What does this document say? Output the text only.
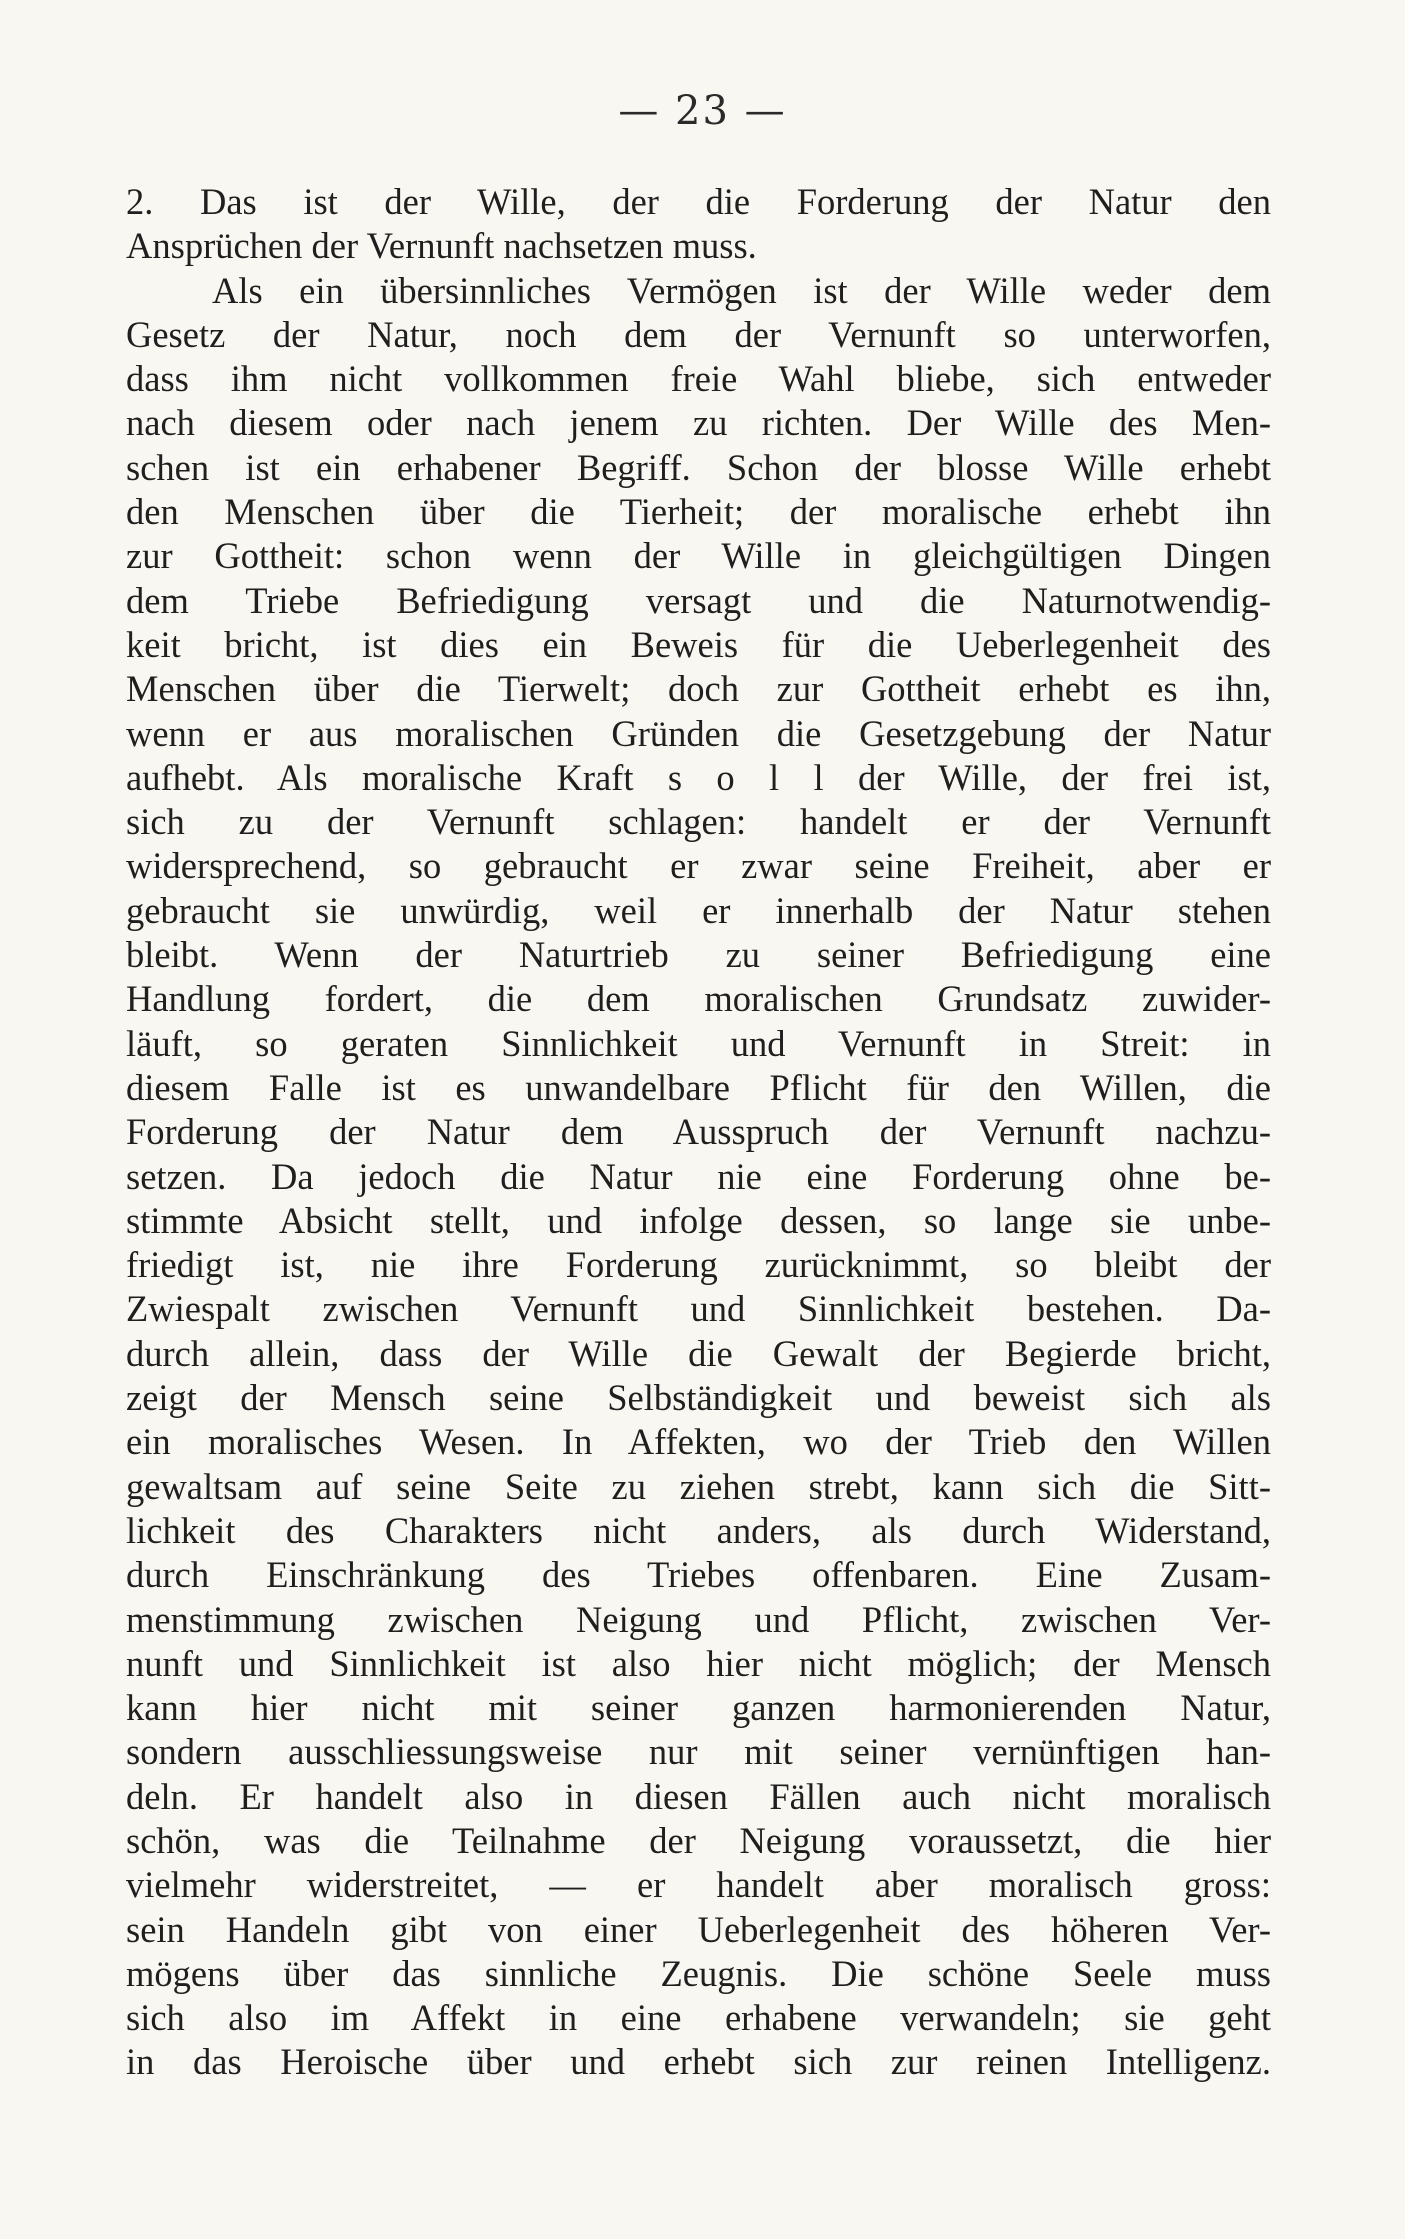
— 23 —
2. Das ist der Wille, der die Forderung der Natur den
Ansprüchen der Vernunft nachsetzen muss.
Als ein übersinnliches Vermögen ist der Wille weder dem
Gesetz der Natur, noch dem der Vernunft so unterworfen,
dass ihm nicht vollkommen freie Wahl bliebe, sich entweder
nach diesem oder nach jenem zu richten. Der Wille des Men-
schen ist ein erhabener Begriff. Schon der blosse Wille erhebt
den Menschen über die Tierheit; der moralische erhebt ihn
zur Gottheit: schon wenn der Wille in gleichgültigen Dingen
dem Triebe Befriedigung versagt und die Naturnotwendig-
keit bricht, ist dies ein Beweis für die Ueberlegenheit des
Menschen über die Tierwelt; doch zur Gottheit erhebt es ihn,
wenn er aus moralischen Gründen die Gesetzgebung der Natur
aufhebt. Als moralische Kraft s o l l der Wille, der frei ist,
sich zu der Vernunft schlagen: handelt er der Vernunft
widersprechend, so gebraucht er zwar seine Freiheit, aber er
gebraucht sie unwürdig, weil er innerhalb der Natur stehen
bleibt. Wenn der Naturtrieb zu seiner Befriedigung eine
Handlung fordert, die dem moralischen Grundsatz zuwider-
läuft, so geraten Sinnlichkeit und Vernunft in Streit: in
diesem Falle ist es unwandelbare Pflicht für den Willen, die
Forderung der Natur dem Ausspruch der Vernunft nachzu-
setzen. Da jedoch die Natur nie eine Forderung ohne be-
stimmte Absicht stellt, und infolge dessen, so lange sie unbe-
friedigt ist, nie ihre Forderung zurücknimmt, so bleibt der
Zwiespalt zwischen Vernunft und Sinnlichkeit bestehen. Da-
durch allein, dass der Wille die Gewalt der Begierde bricht,
zeigt der Mensch seine Selbständigkeit und beweist sich als
ein moralisches Wesen. In Affekten, wo der Trieb den Willen
gewaltsam auf seine Seite zu ziehen strebt, kann sich die Sitt-
lichkeit des Charakters nicht anders, als durch Widerstand,
durch Einschränkung des Triebes offenbaren. Eine Zusam-
menstimmung zwischen Neigung und Pflicht, zwischen Ver-
nunft und Sinnlichkeit ist also hier nicht möglich; der Mensch
kann hier nicht mit seiner ganzen harmonierenden Natur,
sondern ausschliessungsweise nur mit seiner vernünftigen han-
deln. Er handelt also in diesen Fällen auch nicht moralisch
schön, was die Teilnahme der Neigung voraussetzt, die hier
vielmehr widerstreitet, — er handelt aber moralisch gross:
sein Handeln gibt von einer Ueberlegenheit des höheren Ver-
mögens über das sinnliche Zeugnis. Die schöne Seele muss
sich also im Affekt in eine erhabene verwandeln; sie geht
in das Heroische über und erhebt sich zur reinen Intelligenz.
